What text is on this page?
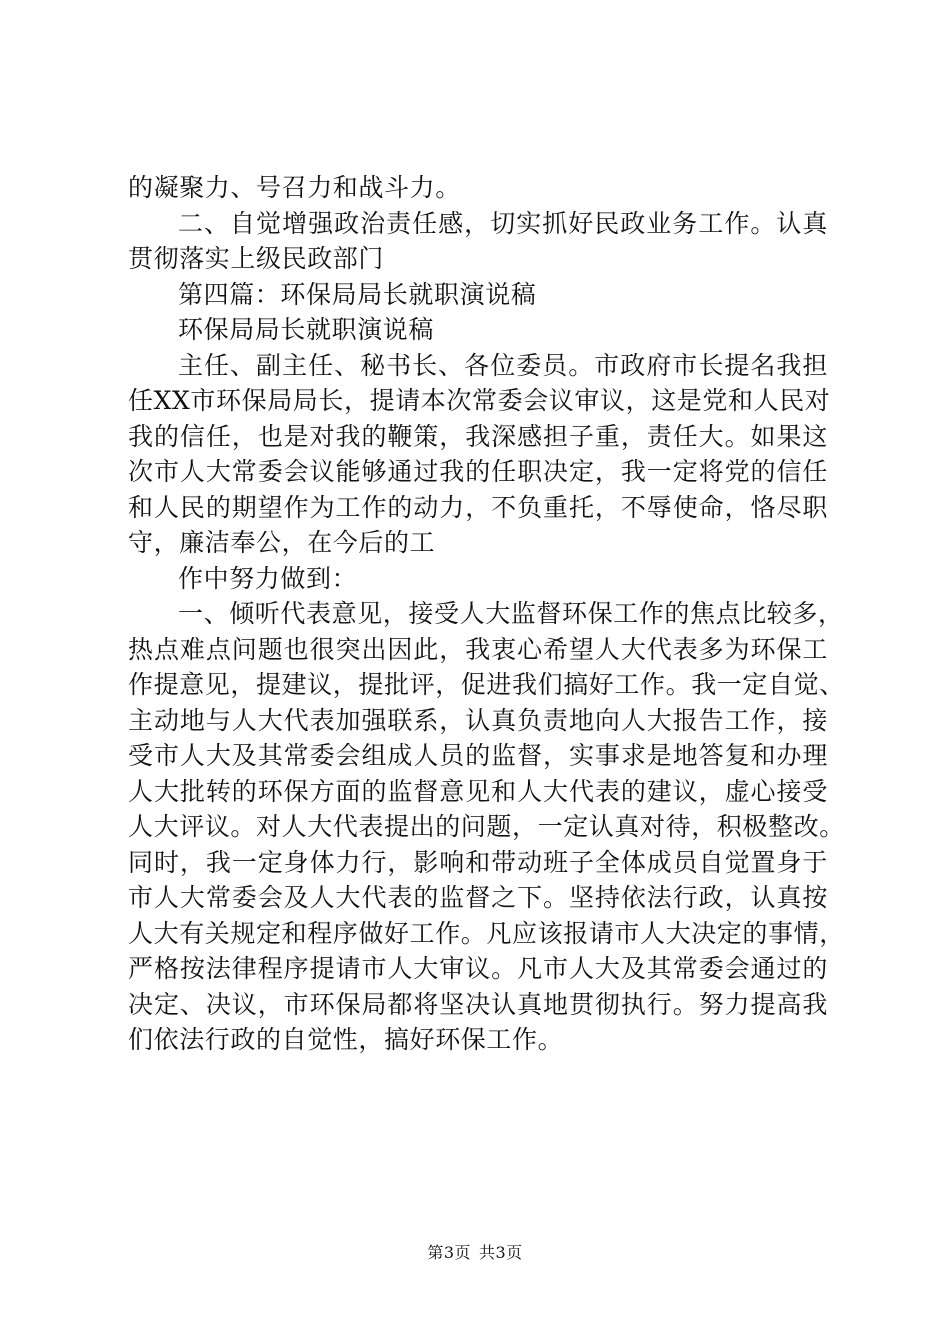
的凝聚力、号召力和战斗力。
二、自觉增强政治责任感，切实抓好民政业务工作。认真
贯彻落实上级民政部门
第四篇：环保局局长就职演说稿
环保局局长就职演说稿
主任、副主任、秘书长、各位委员。市政府市长提名我担
任XX市环保局局长，提请本次常委会议审议，这是党和人民对
我的信任，也是对我的鞭策，我深感担子重，责任大。如果这
次市人大常委会议能够通过我的任职决定，我一定将党的信任
和人民的期望作为工作的动力，不负重托，不辱使命，恪尽职
守，廉洁奉公，在今后的工
作中努力做到：
一、倾听代表意见，接受人大监督环保工作的焦点比较多，
热点难点问题也很突出因此，我衷心希望人大代表多为环保工
作提意见，提建议，提批评，促进我们搞好工作。我一定自觉、
主动地与人大代表加强联系，认真负责地向人大报告工作，接
受市人大及其常委会组成人员的监督，实事求是地答复和办理
人大批转的环保方面的监督意见和人大代表的建议，虚心接受
人大评议。对人大代表提出的问题，一定认真对待，积极整改。
同时，我一定身体力行，影响和带动班子全体成员自觉置身于
市人大常委会及人大代表的监督之下。坚持依法行政，认真按
人大有关规定和程序做好工作。凡应该报请市人大决定的事情，
严格按法律程序提请市人大审议。凡市人大及其常委会通过的
决定、决议，市环保局都将坚决认真地贯彻执行。努力提高我
们依法行政的自觉性，搞好环保工作。
第3页 共3页
